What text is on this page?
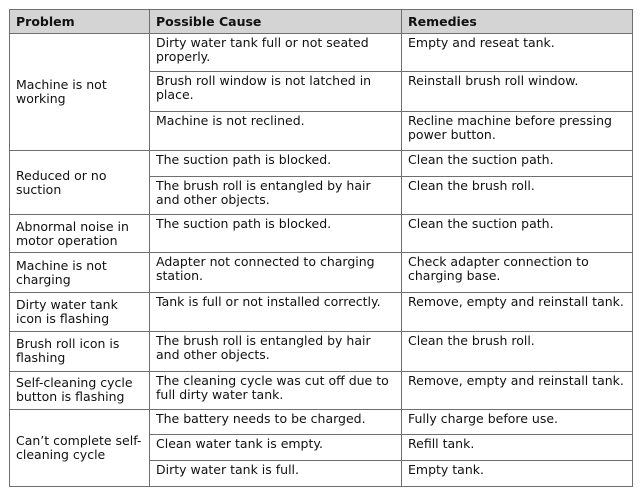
Problem	Possible Cause	Remedies
Machine is not working	Dirty water tank full or not seated properly.	Empty and reseat tank.
	Brush roll window is not latched in place.	Reinstall brush roll window.
	Machine is not reclined.	Recline machine before pressing power button.
Reduced or no suction	The suction path is blocked.	Clean the suction path.
	The brush roll is entangled by hair and other objects.	Clean the brush roll.
Abnormal noise in motor operation	The suction path is blocked.	Clean the suction path.
Machine is not charging	Adapter not connected to charging station.	Check adapter connection to charging base.
Dirty water tank icon is flashing	Tank is full or not installed correctly.	Remove, empty and reinstall tank.
Brush roll icon is flashing	The brush roll is entangled by hair and other objects.	Clean the brush roll.
Self-cleaning cycle button is flashing	The cleaning cycle was cut off due to full dirty water tank.	Remove, empty and reinstall tank.
Can’t complete self-cleaning cycle	The battery needs to be charged.	Fully charge before use.
	Clean water tank is empty.	Refill tank.
	Dirty water tank is full.	Empty tank.
